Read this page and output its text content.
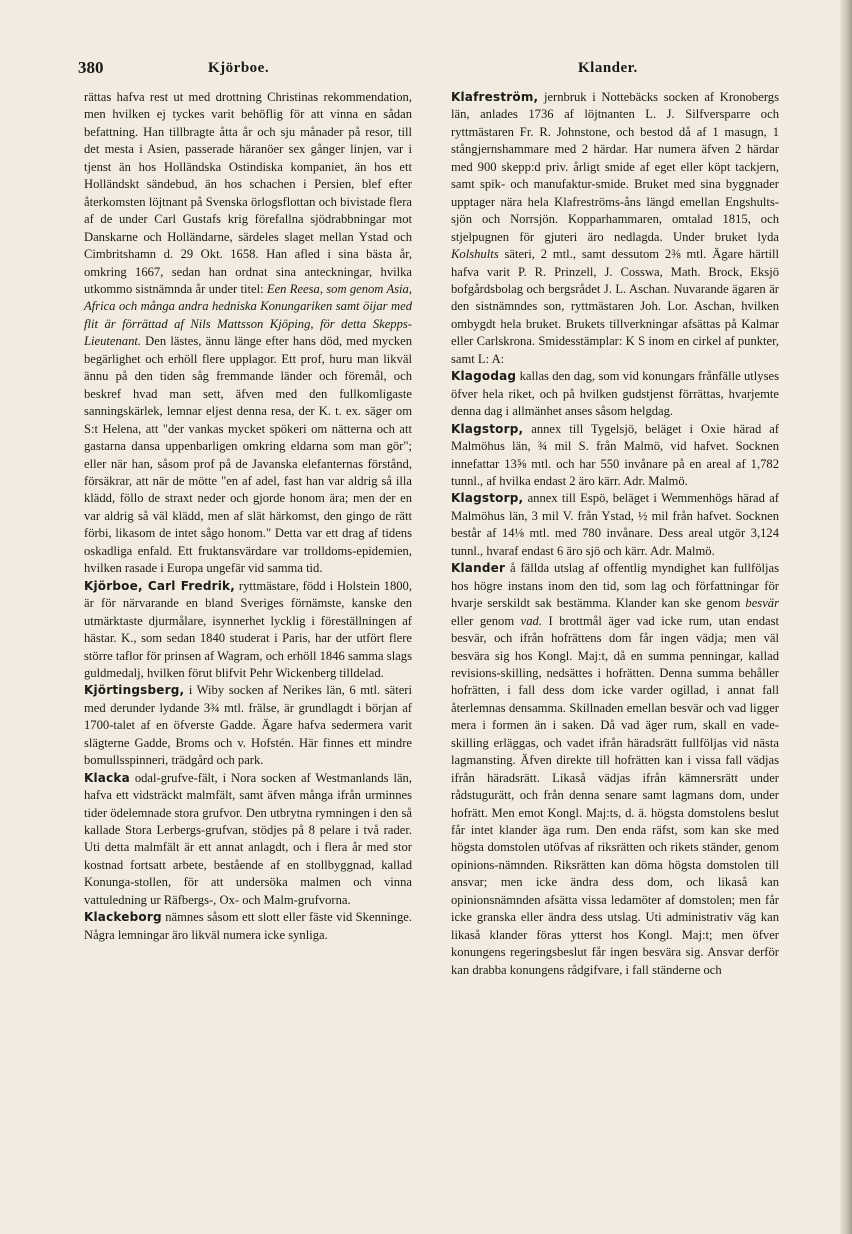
380	Kjörboe.	Klander.

rättas hafva rest ut med drottning Christinas rekommendation, men hvilken ej tyckes varit behöflig för att vinna en sådan befattning. Han tillbragte åtta år och sju månader på resor, till det mesta i Asien, passerade häranöer sex gånger linjen, var i tjenst än hos Holländska Ostindiska kompaniet, än hos ett Holländskt sändebud, än hos schachen i Persien, blef efter återkomsten löjtnant på Svenska örlogsflottan och bivistade flera af de under Carl Gustafs krig förefallna sjödrabbningar mot Danskarne och Holländarne, särdeles slaget mellan Ystad och Cimbritshamn d. 29 Okt. 1658. Han afled i sina bästa år, omkring 1667, sedan han ordnat sina anteckningar, hvilka utkommo sistnämnda år under titel: Een Reesa, som genom Asia, Africa och många andra hedniska Konungariken samt öijar med flit är förrättad af Nils Mattsson Kjöping, för detta Skepps-Lieutenant. Den lästes, ännu länge efter hans död, med mycken begärlighet och erhöll flere upplagor. Ett prof, huru man likväl ännu på den tiden såg fremmande länder och föremål, och beskref hvad man sett, äfven med den fullkomligaste sanningskärlek, lemnar eljest denna resa, der K. t. ex. säger om S:t Helena, att "der vankas mycket spökeri om nätterna och att gastarna dansa uppenbarligen omkring eldarna som man gör"; eller när han, såsom prof på de Javanska elefanternas förstånd, försäkrar, att när de mötte "en af adel, fast han var aldrig så illa klädd, föllo de straxt neder och gjorde honom ära; men der en var aldrig så väl klädd, men af slät härkomst, den gingo de rätt förbi, likasom de intet sågo honom." Detta var ett drag af tidens oskadliga enfald. Ett fruktansvärdare var trolldoms-epidemien, hvilken rasade i Europa ungefär vid samma tid.

Kjörboe, Carl Fredrik, ryttmästare, född i Holstein 1800, är för närvarande en bland Sveriges förnämste, kanske den utmärktaste djurmålare, isynnerhet lycklig i föreställningen af hästar. K., som sedan 1840 studerat i Paris, har der utfört flere större taflor för prinsen af Wagram, och erhöll 1846 samma slags guldmedalj, hvilken förut blifvit Pehr Wickenberg tilldelad.

Kjörtingsberg, i Wiby socken af Nerikes län, 6 mtl. säteri med derunder lydande 3¾ mtl. frälse, är grundlagdt i början af 1700-talet af en öfverste Gadde. Ägare hafva sedermera varit slägterne Gadde, Broms och v. Hofstén. Här finnes ett mindre bomullsspinneri, trädgård och park.

Klacka odal-grufve-fält, i Nora socken af Westmanlands län, hafva ett vidsträckt malmfält, samt äfven många ifrån urminnes tider ödelemnade stora grufvor. Den utbrytna rymningen i den så kallade Stora Lerbergs-grufvan, stödjes på 8 pelare i två rader. Uti detta malmfält är ett annat anlagdt, och i flera år med stor kostnad fortsatt arbete, bestående af en stollbyggnad, kallad Konunga-stollen, för att undersöka malmen och vinna vattuledning ur Räfbergs-, Ox- och Malm-grufvorna.

Klackeborg nämnes såsom ett slott eller fäste vid Skenninge. Några lemningar äro likväl numera icke synliga.

Klafreström, jernbruk i Nottebäcks socken af Kronobergs län, anlades 1736 af löjtnanten L. J. Silfversparre och ryttmästaren Fr. R. Johnstone, och bestod då af 1 masugn, 1 stångjernshammare med 2 härdar. Har numera äfven 2 härdar med 900 skepp:d priv. årligt smide af eget eller köpt tackjern, samt spik- och manufaktur-smide. Bruket med sina byggnader upptager nära hela Klafreströms-åns längd emellan Engshults-sjön och Norrsjön. Kopparhammaren, omtalad 1815, och stjelpugnen för gjuteri äro nedlagda. Under bruket lyda Kolshults säteri, 2 mtl., samt dessutom 2⅜ mtl. Ägare härtill hafva varit P. R. Prinzell, J. Cosswa, Math. Brock, Eksjö bofgårdsbolag och bergsrådet J. L. Aschan. Nuvarande ägaren är den sistnämndes son, ryttmästaren Joh. Lor. Aschan, hvilken ombygdt hela bruket. Brukets tillverkningar afsättas på Kalmar eller Carlskrona. Smidesstämplar: K S inom en cirkel af punkter, samt L: A:

Klagodag kallas den dag, som vid konungars frånfälle utlyses öfver hela riket, och på hvilken gudstjenst förrättas, hvarjemte denna dag i allmänhet anses såsom helgdag.

Klagstorp, annex till Tygelsjö, beläget i Oxie härad af Malmöhus län, ¾ mil S. från Malmö, vid hafvet. Socknen innefattar 13⅝ mtl. och har 550 invånare på en areal af 1,782 tunnl., af hvilka endast 2 äro kärr. Adr. Malmö.

Klagstorp, annex till Espö, beläget i Wemmenhögs härad af Malmöhus län, 3 mil V. från Ystad, ½ mil från hafvet. Socknen består af 14⅛ mtl. med 780 invånare. Dess areal utgör 3,124 tunnl., hvaraf endast 6 äro sjö och kärr. Adr. Malmö.

Klander å fällda utslag af offentlig myndighet kan fullföljas hos högre instans inom den tid, som lag och författningar för hvarje serskildt sak bestämma. Klander kan ske genom besvär eller genom vad. I brottmål äger vad icke rum, utan endast besvär, och ifrån hofrättens dom får ingen vädja; men väl besvära sig hos Kongl. Maj:t, då en summa penningar, kallad revisions-skilling, nedsättes i hofrätten. Denna summa behåller hofrätten, i fall dess dom icke varder ogillad, i annat fall återlemnas densamma. Skillnaden emellan besvär och vad ligger mera i formen än i saken. Då vad äger rum, skall en vade-skilling erläggas, och vadet ifrån häradsrätt fullföljas vid nästa lagmansting. Äfven direkte till hofrätten kan i vissa fall vädjas ifrån häradsrätt. Likaså vädjas ifrån kämnersrätt under rådstugurätt, och från denna senare samt lagmans dom, under hofrätt. Men emot Kongl. Maj:ts, d. ä. högsta domstolens beslut får intet klander äga rum. Den enda räfst, som kan ske med högsta domstolen utöfvas af riksrätten och rikets ständer, genom opinions-nämnden. Riksrätten kan döma högsta domstolen till ansvar; men icke ändra dess dom, och likaså kan opinionsnämnden afsätta vissa ledamöter af domstolen; men får icke granska eller ändra dess utslag. Uti administrativ väg kan likaså klander föras ytterst hos Kongl. Maj:t; men öfver konungens regeringsbeslut får ingen besvära sig. Ansvar derför kan drabba konungens rådgifvare, i fall ständerne och
